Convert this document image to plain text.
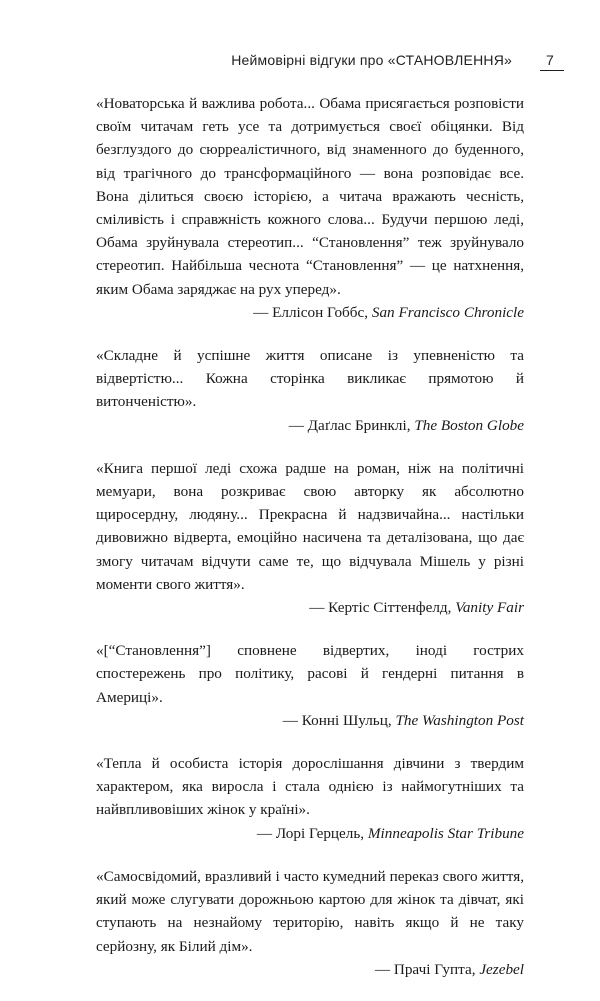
Неймовірні відгуки про «СТАНОВЛЕННЯ» 7

«Новаторська й важлива робота... Обама присягається розповісти своїм читачам геть усе та дотримується своєї обіцянки. Від безглуздого до сюрреалістичного, від знаменного до буденного, від трагічного до трансформаційного — вона розповідає все. Вона ділиться своєю історією, а читача вражають чесність, сміливість і справжність кожного слова... Будучи першою леді, Обама зруйнувала стереотип... “Становлення” теж зруйнувало стереотип. Найбільша чеснота “Становлення” — це натхнення, яким Обама заряджає на рух уперед».

— Еллісон Гоббс, San Francisco Chronicle

«Складне й успішне життя описане із упевненістю та відвертістю... Кожна сторінка викликає прямотою й витонченістю».

— Даґлас Бринклі, The Boston Globe

«Книга першої леді схожа радше на роман, ніж на політичні мемуари, вона розкриває свою авторку як абсолютно щиросердну, людяну... Прекрасна й надзвичайна... настільки дивовижно відверта, емоційно насичена та деталізована, що дає змогу читачам відчути саме те, що відчувала Мішель у різні моменти свого життя».

— Кертіс Сіттенфелд, Vanity Fair

«[“Становлення”] сповнене відвертих, іноді гострих спостережень про політику, расові й гендерні питання в Америці».

— Конні Шульц, The Washington Post

«Тепла й особиста історія дорослішання дівчини з твердим характером, яка виросла і стала однією із наймогутніших та найвпливовіших жінок у країні».

— Лорі Герцель, Minneapolis Star Tribune

«Самосвідомий, вразливий і часто кумедний переказ свого життя, який може слугувати дорожньою картою для жінок та дівчат, які ступають на незнайому територію, навіть якщо й не таку серйозну, як Білий дім».

— Прачі Гупта, Jezebel
